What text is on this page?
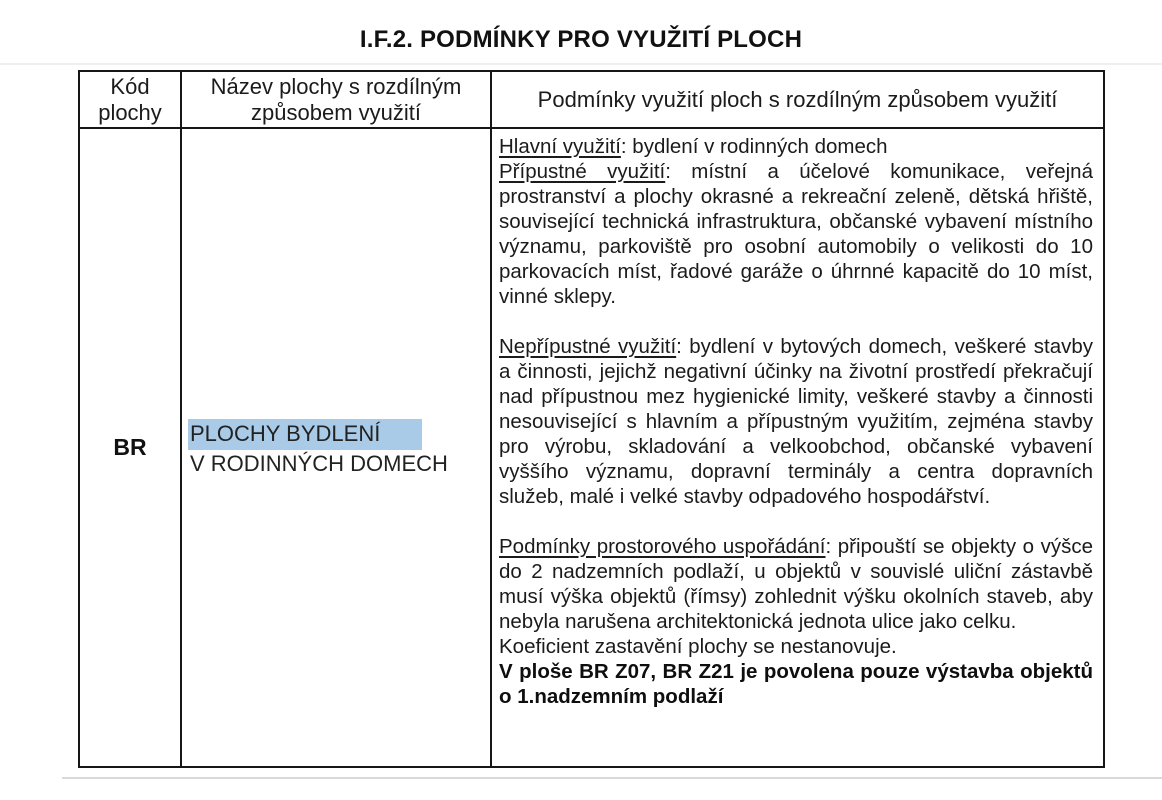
I.F.2. PODMÍNKY PRO VYUŽITÍ PLOCH
Kód plochy
Název plochy s rozdílným způsobem využití
Podmínky využití ploch s rozdílným způsobem využití
BR
PLOCHY BYDLENÍ
V RODINNÝCH DOMECH

Hlavní využití: bydlení v rodinných domech

Přípustné využití: místní a účelové komunikace, veřejná prostranství a plochy okrasné a rekreační zeleně, dětská hřiště, související technická infrastruktura, občanské vybavení místního významu, parkoviště pro osobní automobily o velikosti do 10 parkovacích míst, řadové garáže o úhrnné kapacitě do 10 míst, vinné sklepy.

Nepřípustné využití: bydlení v bytových domech, veškeré stavby a činnosti, jejichž negativní účinky na životní prostředí překračují nad přípustnou mez hygienické limity, veškeré stavby a činnosti nesouvisející s hlavním a přípustným využitím, zejména stavby pro výrobu, skladování a velkoobchod, občanské vybavení vyššího významu, dopravní terminály a centra dopravních služeb, malé i velké stavby odpadového hospodářství.

Podmínky prostorového uspořádání: připouští se objekty o výšce do 2 nadzemních podlaží, u objektů v souvislé uliční zástavbě musí výška objektů (římsy) zohlednit výšku okolních staveb, aby nebyla narušena architektonická jednota ulice jako celku.

Koeficient zastavění plochy se nestanovuje.

V ploše BR Z07, BR Z21 je povolena pouze výstavba objektů o 1.nadzemním podlaží
